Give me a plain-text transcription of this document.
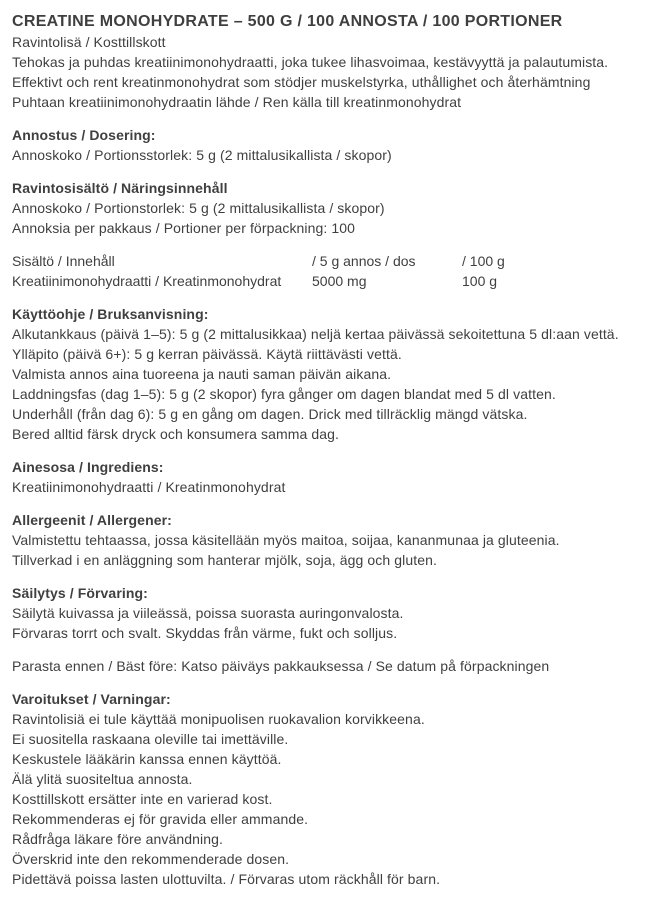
CREATINE MONOHYDRATE – 500 G / 100 ANNOSTA / 100 PORTIONER

Ravintolisä / Kosttillskott

Tehokas ja puhdas kreatiinimonohydraatti, joka tukee lihasvoimaa, kestävyyttä ja palautumista.

Effektivt och rent kreatinmonohydrat som stödjer muskelstyrka, uthållighet och återhämtning

Puhtaan kreatiinimonohydraatin lähde / Ren källa till kreatinmonohydrat

Annostus / Dosering:

Annoskoko / Portionsstorlek: 5 g (2 mittalusikallista / skopor)

Ravintosisältö / Näringsinnehåll

Annoskoko / Portionstorlek: 5 g (2 mittalusikallista / skopor)

Annoksia per pakkaus / Portioner per förpackning: 100

Sisältö / Innehåll	/ 5 g annos / dos	/ 100 g
Kreatiinimonohydraatti / Kreatinmonohydrat	5000 mg	100 g

Käyttöohje / Bruksanvisning:

Alkutankkaus (päivä 1–5): 5 g (2 mittalusikkaa) neljä kertaa päivässä sekoitettuna 5 dl:aan vettä.

Ylläpito (päivä 6+): 5 g kerran päivässä. Käytä riittävästi vettä.

Valmista annos aina tuoreena ja nauti saman päivän aikana.

Laddningsfas (dag 1–5): 5 g (2 skopor) fyra gånger om dagen blandat med 5 dl vatten.

Underhåll (från dag 6): 5 g en gång om dagen. Drick med tillräcklig mängd vätska.

Bered alltid färsk dryck och konsumera samma dag.

Ainesosa / Ingrediens:

Kreatiinimonohydraatti / Kreatinmonohydrat

Allergeenit / Allergener:

Valmistettu tehtaassa, jossa käsitellään myös maitoa, soijaa, kananmunaa ja gluteenia.

Tillverkad i en anläggning som hanterar mjölk, soja, ägg och gluten.

Säilytys / Förvaring:

Säilytä kuivassa ja viileässä, poissa suorasta auringonvalosta.

Förvaras torrt och svalt. Skyddas från värme, fukt och solljus.

Parasta ennen / Bäst före: Katso päiväys pakkauksessa / Se datum på förpackningen

Varoitukset / Varningar:

Ravintolisiä ei tule käyttää monipuolisen ruokavalion korvikkeena.

Ei suositella raskaana oleville tai imettäville.

Keskustele lääkärin kanssa ennen käyttöä.

Älä ylitä suositeltua annosta.

Kosttillskott ersätter inte en varierad kost.

Rekommenderas ej för gravida eller ammande.

Rådfråga läkare före användning.

Överskrid inte den rekommenderade dosen.

Pidettävä poissa lasten ulottuvilta. / Förvaras utom räckhåll för barn.
